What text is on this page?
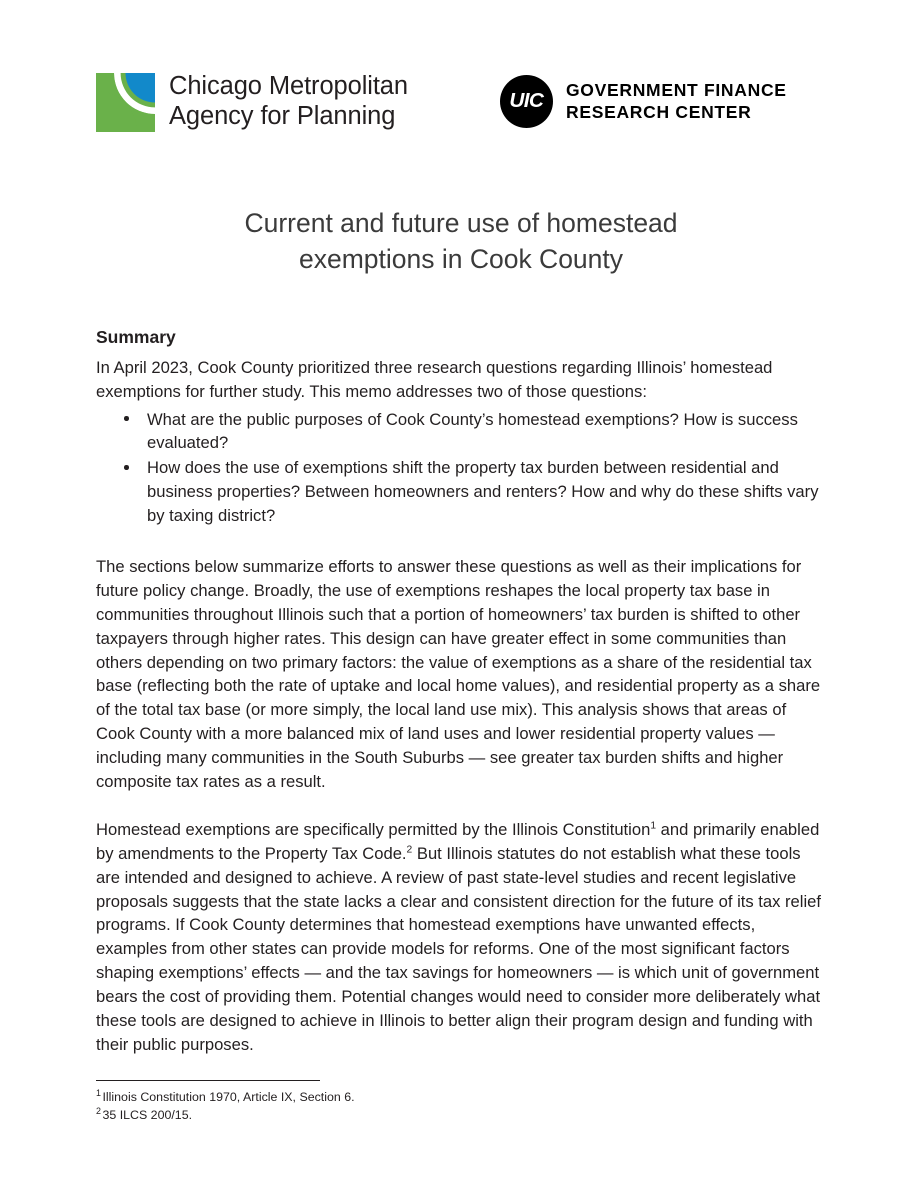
Chicago Metropolitan
Agency for Planning
UIC
GOVERNMENT FINANCE
RESEARCH CENTER
Current and future use of homestead
exemptions in Cook County
Summary

In April 2023, Cook County prioritized three research questions regarding Illinois’ homestead exemptions for further study. This memo addresses two of those questions:

What are the public purposes of Cook County’s homestead exemptions? How is success evaluated?
How does the use of exemptions shift the property tax burden between residential and business properties? Between homeowners and renters? How and why do these shifts vary by taxing district?

The sections below summarize efforts to answer these questions as well as their implications for future policy change. Broadly, the use of exemptions reshapes the local property tax base in communities throughout Illinois such that a portion of homeowners’ tax burden is shifted to other taxpayers through higher rates. This design can have greater effect in some communities than others depending on two primary factors: the value of exemptions as a share of the residential tax base (reflecting both the rate of uptake and local home values), and residential property as a share of the total tax base (or more simply, the local land use mix). This analysis shows that areas of Cook County with a more balanced mix of land uses and lower residential property values — including many communities in the South Suburbs — see greater tax burden shifts and higher composite tax rates as a result.

Homestead exemptions are specifically permitted by the Illinois Constitution$^1$ and primarily enabled by amendments to the Property Tax Code.$^2$ But Illinois statutes do not establish what these tools are intended and designed to achieve. A review of past state-level studies and recent legislative proposals suggests that the state lacks a clear and consistent direction for the future of its tax relief programs. If Cook County determines that homestead exemptions have unwanted effects, examples from other states can provide models for reforms. One of the most significant factors shaping exemptions’ effects — and the tax savings for homeowners — is which unit of government bears the cost of providing them. Potential changes would need to consider more deliberately what these tools are designed to achieve in Illinois to better align their program design and funding with their public purposes.

$^1$ Illinois Constitution 1970, Article IX, Section 6.

$^2$ 35 ILCS 200/15.
